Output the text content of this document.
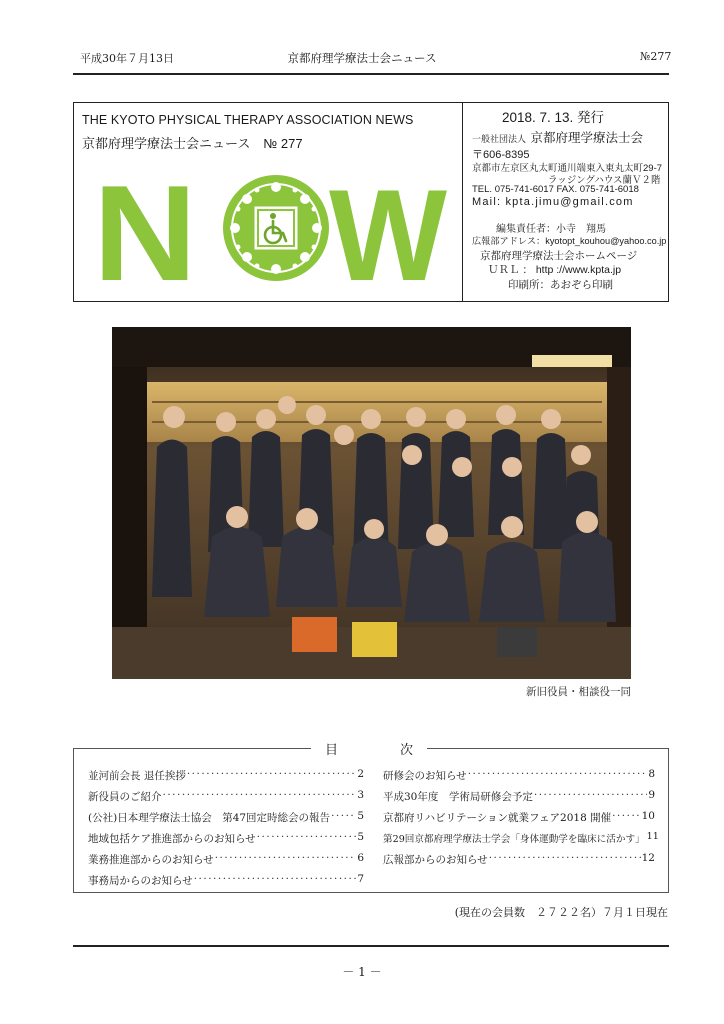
平成30年７月13日	京都府理学療法士会ニュース	№277
THE KYOTO PHYSICAL THERAPY ASSOCIATION NEWS
京都府理学療法士会ニュース　№ 277
N W
2018. 7. 13. 発行
一般社団法人 京都府理学療法士会
〒606-8395
京都市左京区丸太町通川端東入東丸太町29-7
ラッジングハウス蘭Ｖ２階
TEL. 075-741-6017 FAX. 075-741-6018
Mail: kpta.jimu@gmail.com
編集責任者：小寺　翔馬
広報部アドレス：kyotopt_kouhou@yahoo.co.jp
京都府理学療法士会ホームページ
ＵＲＬ ： http ://www.kpta.jp
印刷所：あおぞら印刷
新旧役員・相談役一同
目	次
並河前会長 退任挨拶 ·····	2
新役員のご紹介 ·····	3
(公社)日本理学療法士協会　第47回定時総会の報告 ·····	5
地域包括ケア推進部からのお知らせ ·····	5
業務推進部からのお知らせ ·····	6
事務局からのお知らせ ·····	7
研修会のお知らせ ·····	8
平成30年度　学術局研修会予定 ·····	9
京都府リハビリテーション就業フェア2018 開催 ·····	10
第29回京都府理学療法士学会「身体運動学を臨床に活かす」 11
広報部からのお知らせ ·····	12
(現在の会員数　２７２２名）７月１日現在
－ 1 －
